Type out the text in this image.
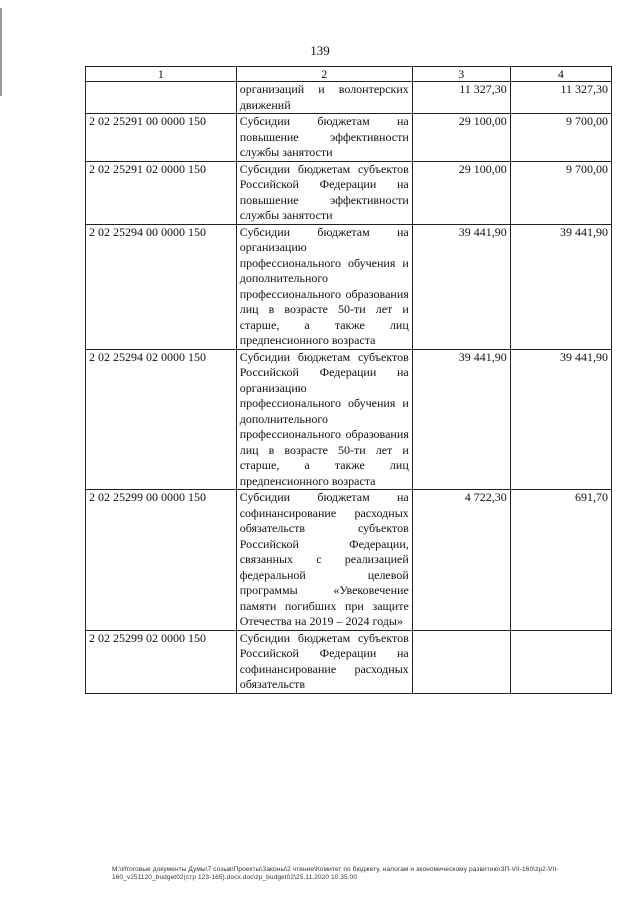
139
1	2	3	4
	организаций и волонтерских движений	11 327,30	11 327,30
2 02 25291 00 0000 150	Субсидии бюджетам на повышение эффективности службы занятости	29 100,00	9 700,00
2 02 25291 02 0000 150	Субсидии бюджетам субъектов Российской Федерации на повышение эффективности службы занятости	29 100,00	9 700,00
2 02 25294 00 0000 150	Субсидии бюджетам на организацию профессионального обучения и дополнительного профессионального образования лиц в возрасте 50-ти лет и старше, а также лиц предпенсионного возраста	39 441,90	39 441,90
2 02 25294 02 0000 150	Субсидии бюджетам субъектов Российской Федерации на организацию профессионального обучения и дополнительного профессионального образования лиц в возрасте 50-ти лет и старше, а также лиц предпенсионного возраста	39 441,90	39 441,90
2 02 25299 00 0000 150	Субсидии бюджетам на софинансирование расходных обязательств субъектов Российской Федерации, связанных с реализацией федеральной целевой программы «Увековечение памяти погибших при защите Отечества на 2019 – 2024 годы»	4 722,30	691,70
2 02 25299 02 0000 150	Субсидии бюджетам субъектов Российской Федерации на софинансирование расходных обязательств		
M:\Итоговые документы Думы\7 созыв\Проекты\Законы\2 чтение\Комитет по бюджету, налогам и экономическому развитию\ЗП-VII-160\zp2-VII-160_v251120_budget02(стр 123-165).docx.doc\zp_budget02\25.11.2020 10.35.00
